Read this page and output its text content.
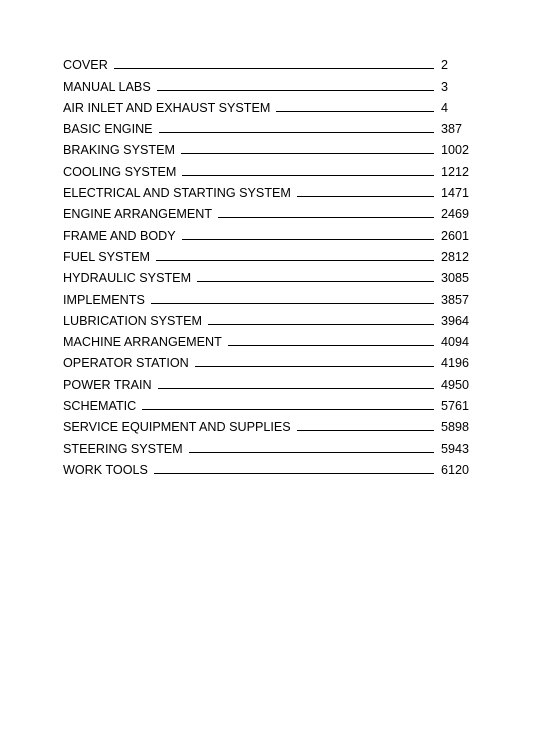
COVER	2
MANUAL LABS	3
AIR INLET AND EXHAUST SYSTEM	4
BASIC ENGINE	387
BRAKING SYSTEM	1002
COOLING SYSTEM	1212
ELECTRICAL AND STARTING SYSTEM	1471
ENGINE ARRANGEMENT	2469
FRAME AND BODY	2601
FUEL SYSTEM	2812
HYDRAULIC SYSTEM	3085
IMPLEMENTS	3857
LUBRICATION SYSTEM	3964
MACHINE ARRANGEMENT	4094
OPERATOR STATION	4196
POWER TRAIN	4950
SCHEMATIC	5761
SERVICE EQUIPMENT AND SUPPLIES	5898
STEERING SYSTEM	5943
WORK TOOLS	6120
